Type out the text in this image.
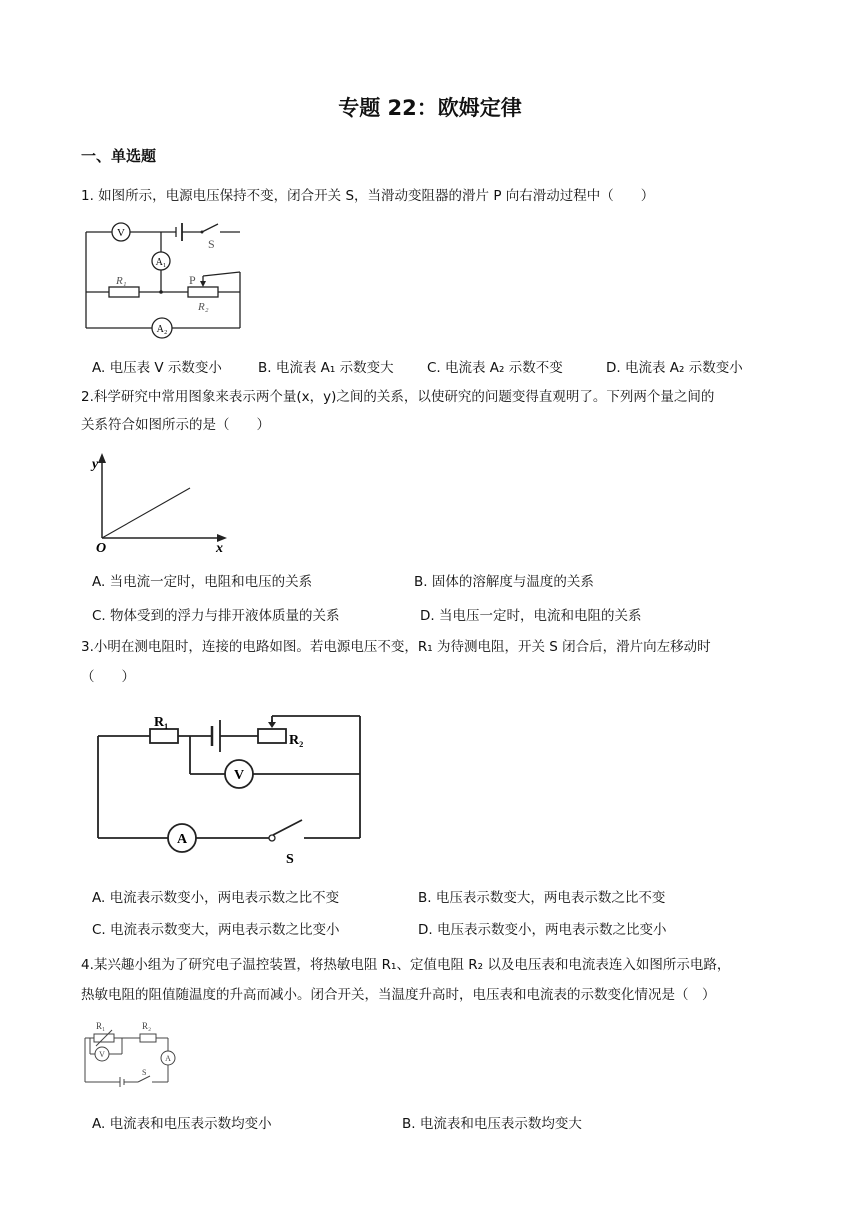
专题 22：欧姆定律
一、单选题
1. 如图所示，电源电压保持不变，闭合开关 S，当滑动变阻器的滑片 P 向右滑动过程中（　　）
V
A₁
A₂
S
P
R₁
R₂
A. 电压表 V 示数变小	B. 电流表 A₁ 示数变大 C. 电流表 A₂ 示数不变	D. 电流表 A₂ 示数变小
2.科学研究中常用图象来表示两个量(x，y)之间的关系，以使研究的问题变得直观明了。下列两个量之间的
关系符合如图所示的是（　　）
y
x
O
A. 当电流一定时，电阻和电压的关系	B. 固体的溶解度与温度的关系
C. 物体受到的浮力与排开液体质量的关系	D. 当电压一定时，电流和电阻的关系
3.小明在测电阻时，连接的电路如图。若电源电压不变，R₁ 为待测电阻，开关 S 闭合后，滑片向左移动时
（　　）
R₁
R₂
V
A
S
A. 电流表示数变小，两电表示数之比不变	B. 电压表示数变大，两电表示数之比不变
C. 电流表示数变大，两电表示数之比变小	D. 电压表示数变小，两电表示数之比变小
4.某兴趣小组为了研究电子温控装置，将热敏电阻 R₁、定值电阻 R₂ 以及电压表和电流表连入如图所示电路，
热敏电阻的阻值随温度的升高而减小。闭合开关，当温度升高时，电压表和电流表的示数变化情况是（　）
R₁	R₂
V	A
S
A. 电流表和电压表示数均变小	B. 电流表和电压表示数均变大
